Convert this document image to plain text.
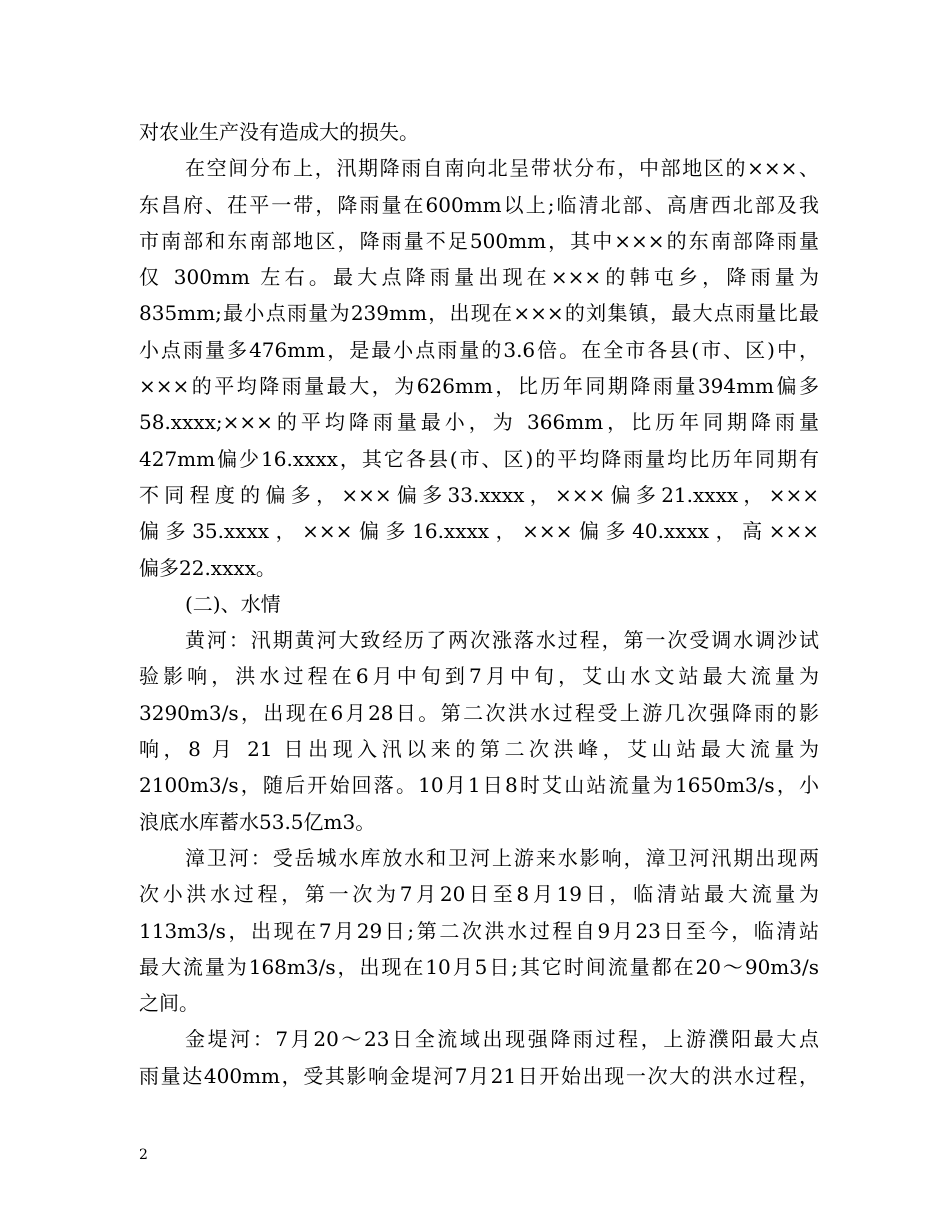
对农业生产没有造成大的损失。
在空间分布上，汛期降雨自南向北呈带状分布，中部地区的×××、
东昌府、茌平一带，降雨量在600mm以上;临清北部、高唐西北部及我
市南部和东南部地区，降雨量不足500mm，其中×××的东南部降雨量
仅 300mm 左右。最大点降雨量出现在×××的韩屯乡，降雨量为
835mm;最小点雨量为239mm，出现在×××的刘集镇，最大点雨量比最
小点雨量多476mm，是最小点雨量的3.6倍。在全市各县(市、区)中，
×××的平均降雨量最大，为626mm，比历年同期降雨量394mm偏多
58.xxxx;×××的平均降雨量最小，为 366mm，比历年同期降雨量
427mm偏少16.xxxx，其它各县(市、区)的平均降雨量均比历年同期有
不同程度的偏多，×××偏多33.xxxx，×××偏多21.xxxx，×××
偏多35.xxxx，×××偏多16.xxxx，×××偏多40.xxxx，高×××
偏多22.xxxx。
(二)、水情
黄河：汛期黄河大致经历了两次涨落水过程，第一次受调水调沙试
验影响，洪水过程在6月中旬到7月中旬，艾山水文站最大流量为
3290m3/s，出现在6月28日。第二次洪水过程受上游几次强降雨的影
响，8 月 21 日出现入汛以来的第二次洪峰，艾山站最大流量为
2100m3/s，随后开始回落。10月1日8时艾山站流量为1650m3/s，小
浪底水库蓄水53.5亿m3。
漳卫河：受岳城水库放水和卫河上游来水影响，漳卫河汛期出现两
次小洪水过程，第一次为7月20日至8月19日，临清站最大流量为
113m3/s，出现在7月29日;第二次洪水过程自9月23日至今，临清站
最大流量为168m3/s，出现在10月5日;其它时间流量都在20～90m3/s
之间。
金堤河：7月20～23日全流域出现强降雨过程，上游濮阳最大点
雨量达400mm，受其影响金堤河7月21日开始出现一次大的洪水过程，
2
